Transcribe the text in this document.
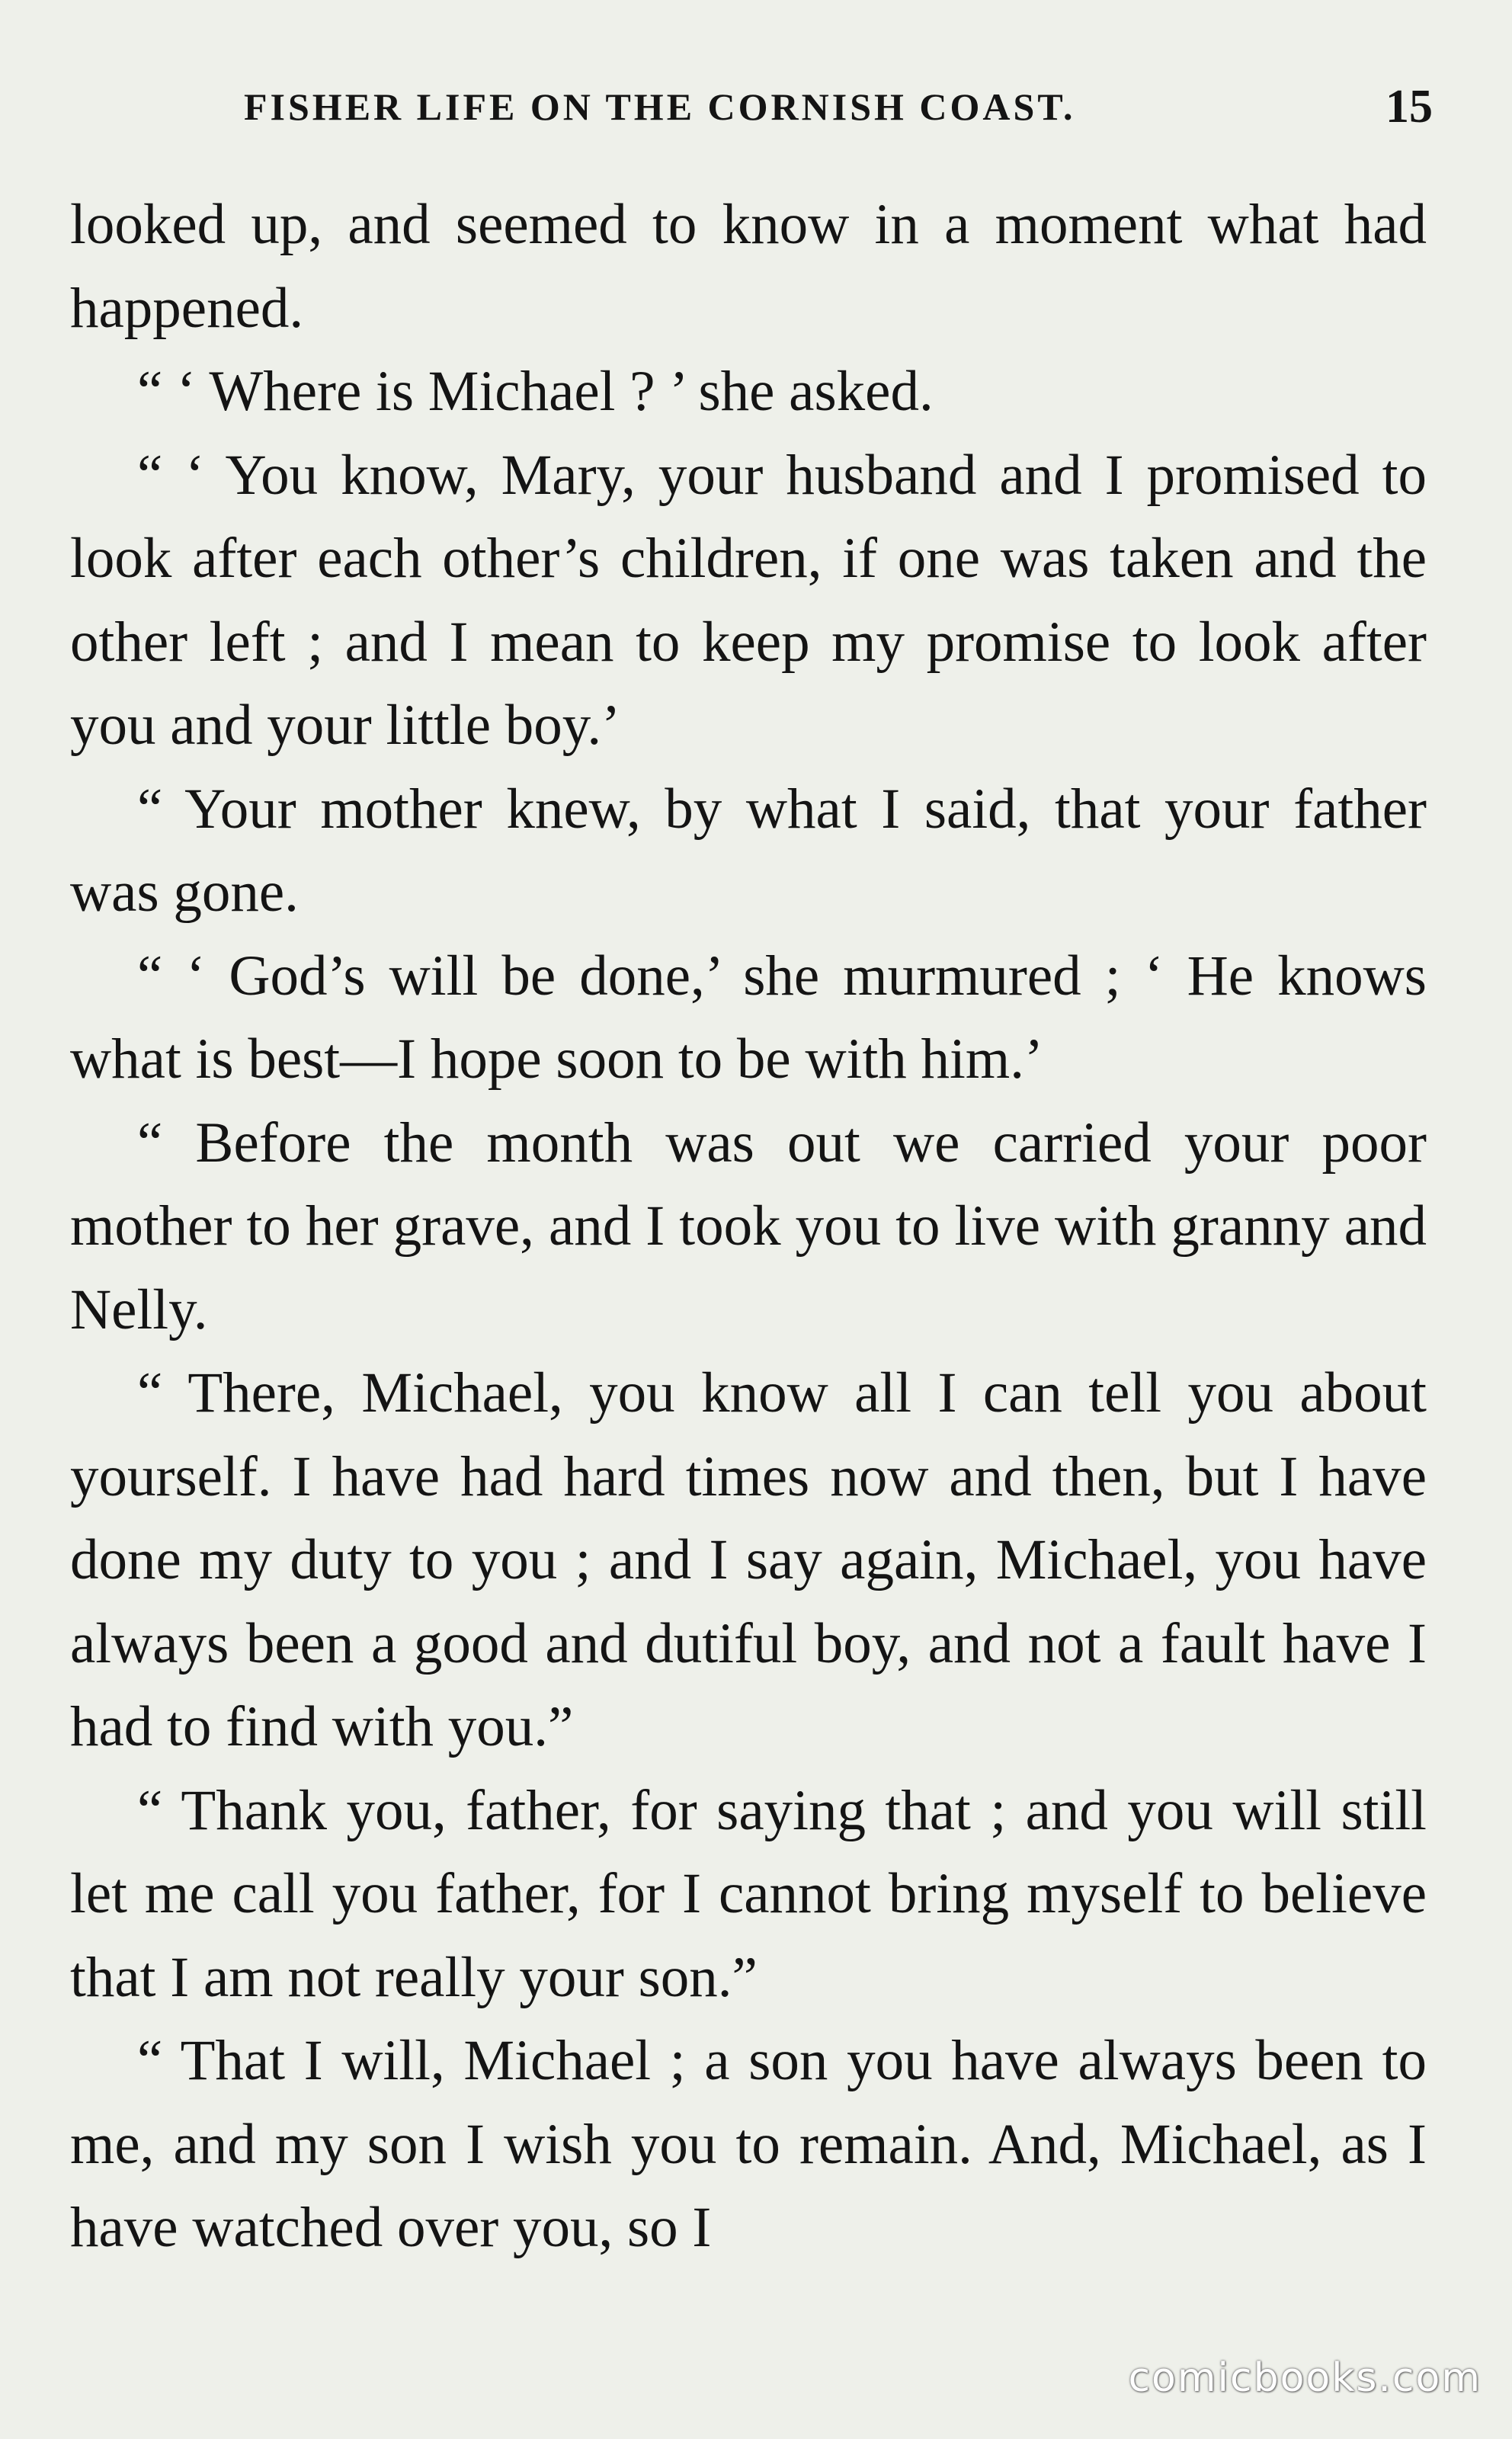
FISHER LIFE ON THE CORNISH COAST.	15

looked up, and seemed to know in a moment what had happened.

“ ‘ Where is Michael ? ’ she asked.

“ ‘ You know, Mary, your husband and I promised to look after each other’s children, if one was taken and the other left ; and I mean to keep my promise to look after you and your little boy.’

“ Your mother knew, by what I said, that your father was gone.

“ ‘ God’s will be done,’ she murmured ; ‘ He knows what is best—I hope soon to be with him.’

“ Before the month was out we carried your poor mother to her grave, and I took you to live with granny and Nelly.

“ There, Michael, you know all I can tell you about yourself. I have had hard times now and then, but I have done my duty to you ; and I say again, Michael, you have always been a good and dutiful boy, and not a fault have I had to find with you.”

“ Thank you, father, for saying that ; and you will still let me call you father, for I cannot bring myself to believe that I am not really your son.”

“ That I will, Michael ; a son you have always been to me, and my son I wish you to remain. And, Michael, as I have watched over you, so I

comicbooks.com
